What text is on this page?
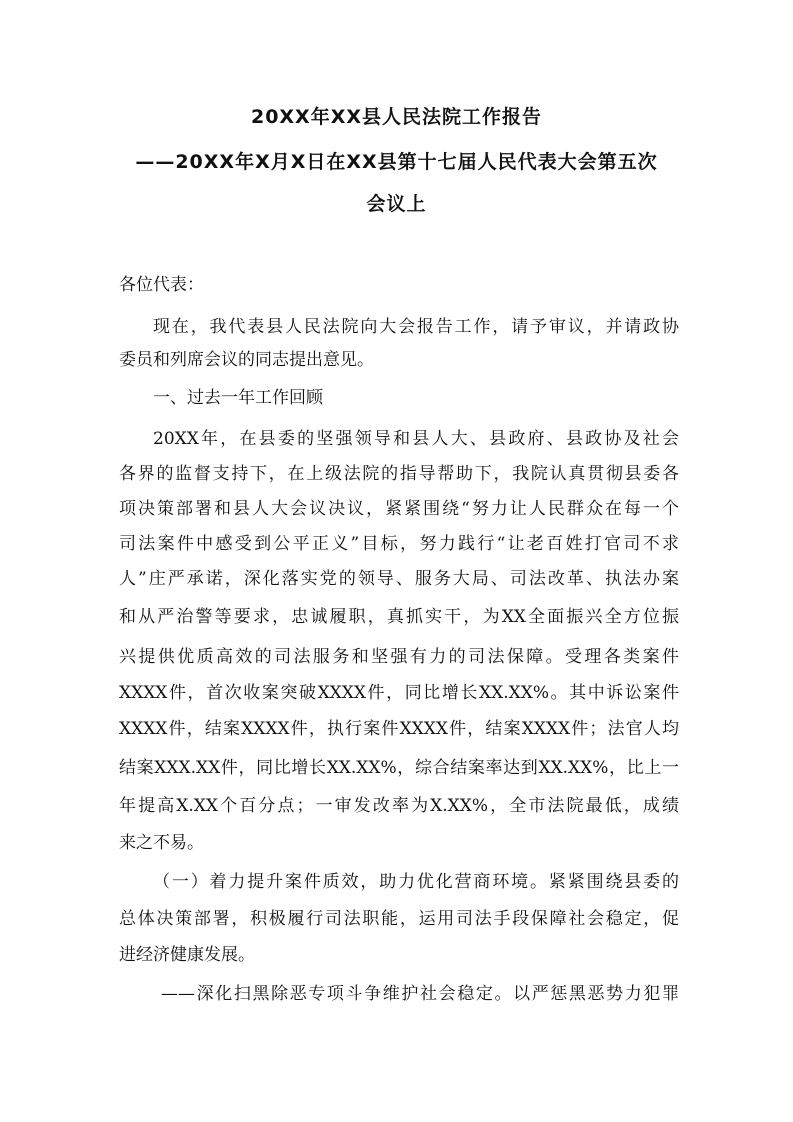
20XX年XX县人民法院工作报告
——20XX年X月X日在XX县第十七届人民代表大会第五次
会议上
各位代表：
现在，我代表县人民法院向大会报告工作，请予审议，并请政协
委员和列席会议的同志提出意见。
一、过去一年工作回顾
20XX年，在县委的坚强领导和县人大、县政府、县政协及社会
各界的监督支持下，在上级法院的指导帮助下，我院认真贯彻县委各
项决策部署和县人大会议决议，紧紧围绕“努力让人民群众在每一个
司法案件中感受到公平正义”目标，努力践行“让老百姓打官司不求
人”庄严承诺，深化落实党的领导、服务大局、司法改革、执法办案
和从严治警等要求，忠诚履职，真抓实干，为XX全面振兴全方位振
兴提供优质高效的司法服务和坚强有力的司法保障。受理各类案件
XXXX件，首次收案突破XXXX件，同比增长XX.XX%。其中诉讼案件
XXXX件，结案XXXX件，执行案件XXXX件，结案XXXX件；法官人均
结案XXX.XX件，同比增长XX.XX%，综合结案率达到XX.XX%，比上一
年提高X.XX个百分点；一审发改率为X.XX%，全市法院最低，成绩
来之不易。
（一）着力提升案件质效，助力优化营商环境。紧紧围绕县委的
总体决策部署，积极履行司法职能，运用司法手段保障社会稳定，促
进经济健康发展。
——深化扫黑除恶专项斗争维护社会稳定。以严惩黑恶势力犯罪
